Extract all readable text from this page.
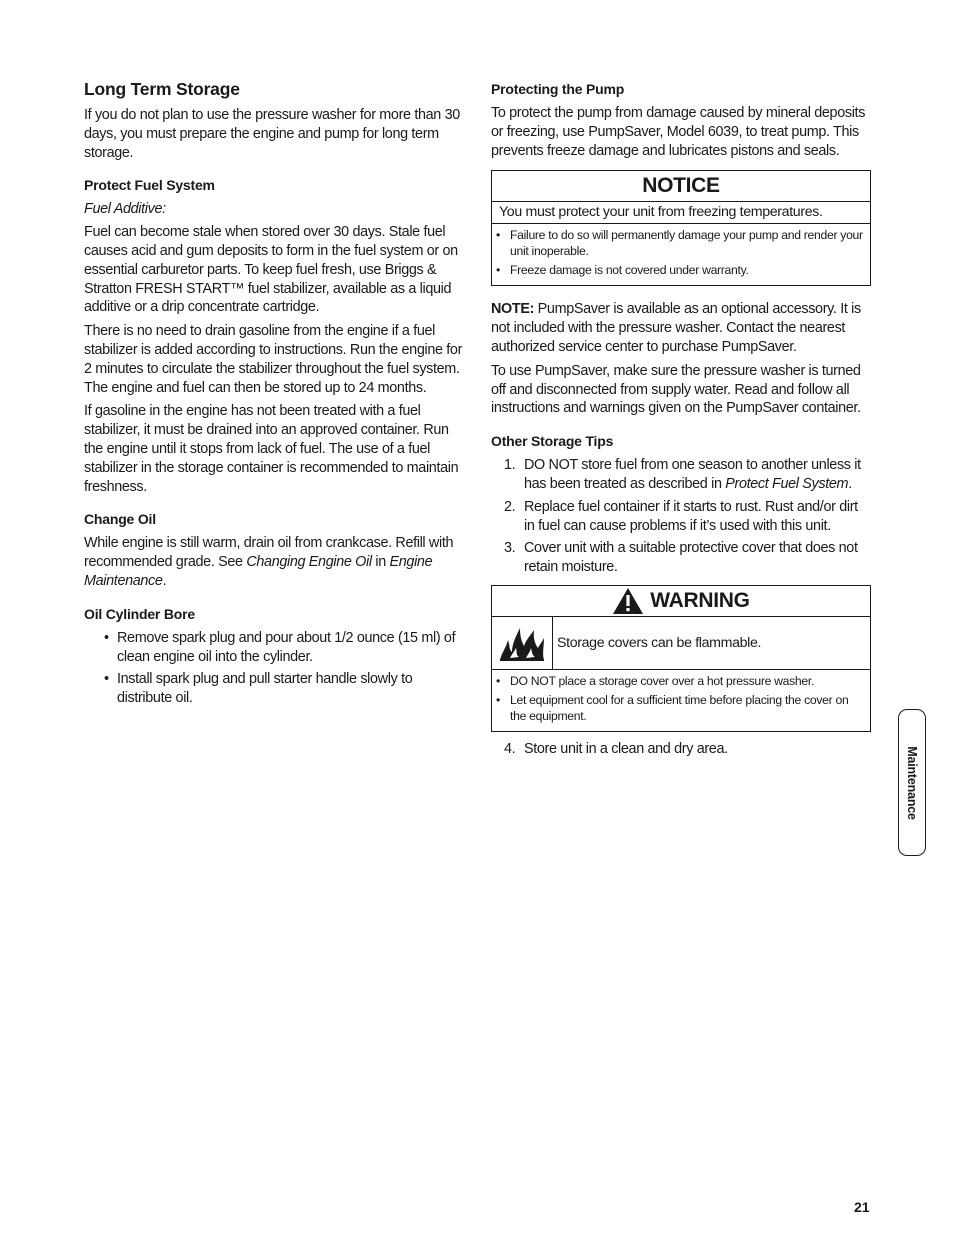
Long Term Storage

If you do not plan to use the pressure washer for more than 30 days, you must prepare the engine and pump for long term storage.

Protect Fuel System

Fuel Additive:

Fuel can become stale when stored over 30 days. Stale fuel causes acid and gum deposits to form in the fuel system or on essential carburetor parts. To keep fuel fresh, use Briggs & Stratton FRESH START™ fuel stabilizer, available as a liquid additive or a drip concentrate cartridge.

There is no need to drain gasoline from the engine if a fuel stabilizer is added according to instructions. Run the engine for 2 minutes to circulate the stabilizer throughout the fuel system. The engine and fuel can then be stored up to 24 months.

If gasoline in the engine has not been treated with a fuel stabilizer, it must be drained into an approved container. Run the engine until it stops from lack of fuel. The use of a fuel stabilizer in the storage container is recommended to maintain freshness.

Change Oil

While engine is still warm, drain oil from crankcase. Refill with recommended grade. See Changing Engine Oil in Engine Maintenance.

Oil Cylinder Bore
• Remove spark plug and pour about 1/2 ounce (15 ml) of clean engine oil into the cylinder.
• Install spark plug and pull starter handle slowly to distribute oil.
Protecting the Pump

To protect the pump from damage caused by mineral deposits or freezing, use PumpSaver, Model 6039, to treat pump. This prevents freeze damage and lubricates pistons and seals.

NOTICE
You must protect your unit from freezing temperatures.
• Failure to do so will permanently damage your pump and render your unit inoperable.
• Freeze damage is not covered under warranty.

NOTE: PumpSaver is available as an optional accessory. It is not included with the pressure washer. Contact the nearest authorized service center to purchase PumpSaver.

To use PumpSaver, make sure the pressure washer is turned off and disconnected from supply water. Read and follow all instructions and warnings given on the PumpSaver container.

Other Storage Tips
1. DO NOT store fuel from one season to another unless it has been treated as described in Protect Fuel System.
2. Replace fuel container if it starts to rust. Rust and/or dirt in fuel can cause problems if it’s used with this unit.
3. Cover unit with a suitable protective cover that does not retain moisture.
WARNING
Storage covers can be flammable.
• DO NOT place a storage cover over a hot pressure washer.
• Let equipment cool for a sufficient time before placing the cover on the equipment.
4. Store unit in a clean and dry area.	Maintenance
21
